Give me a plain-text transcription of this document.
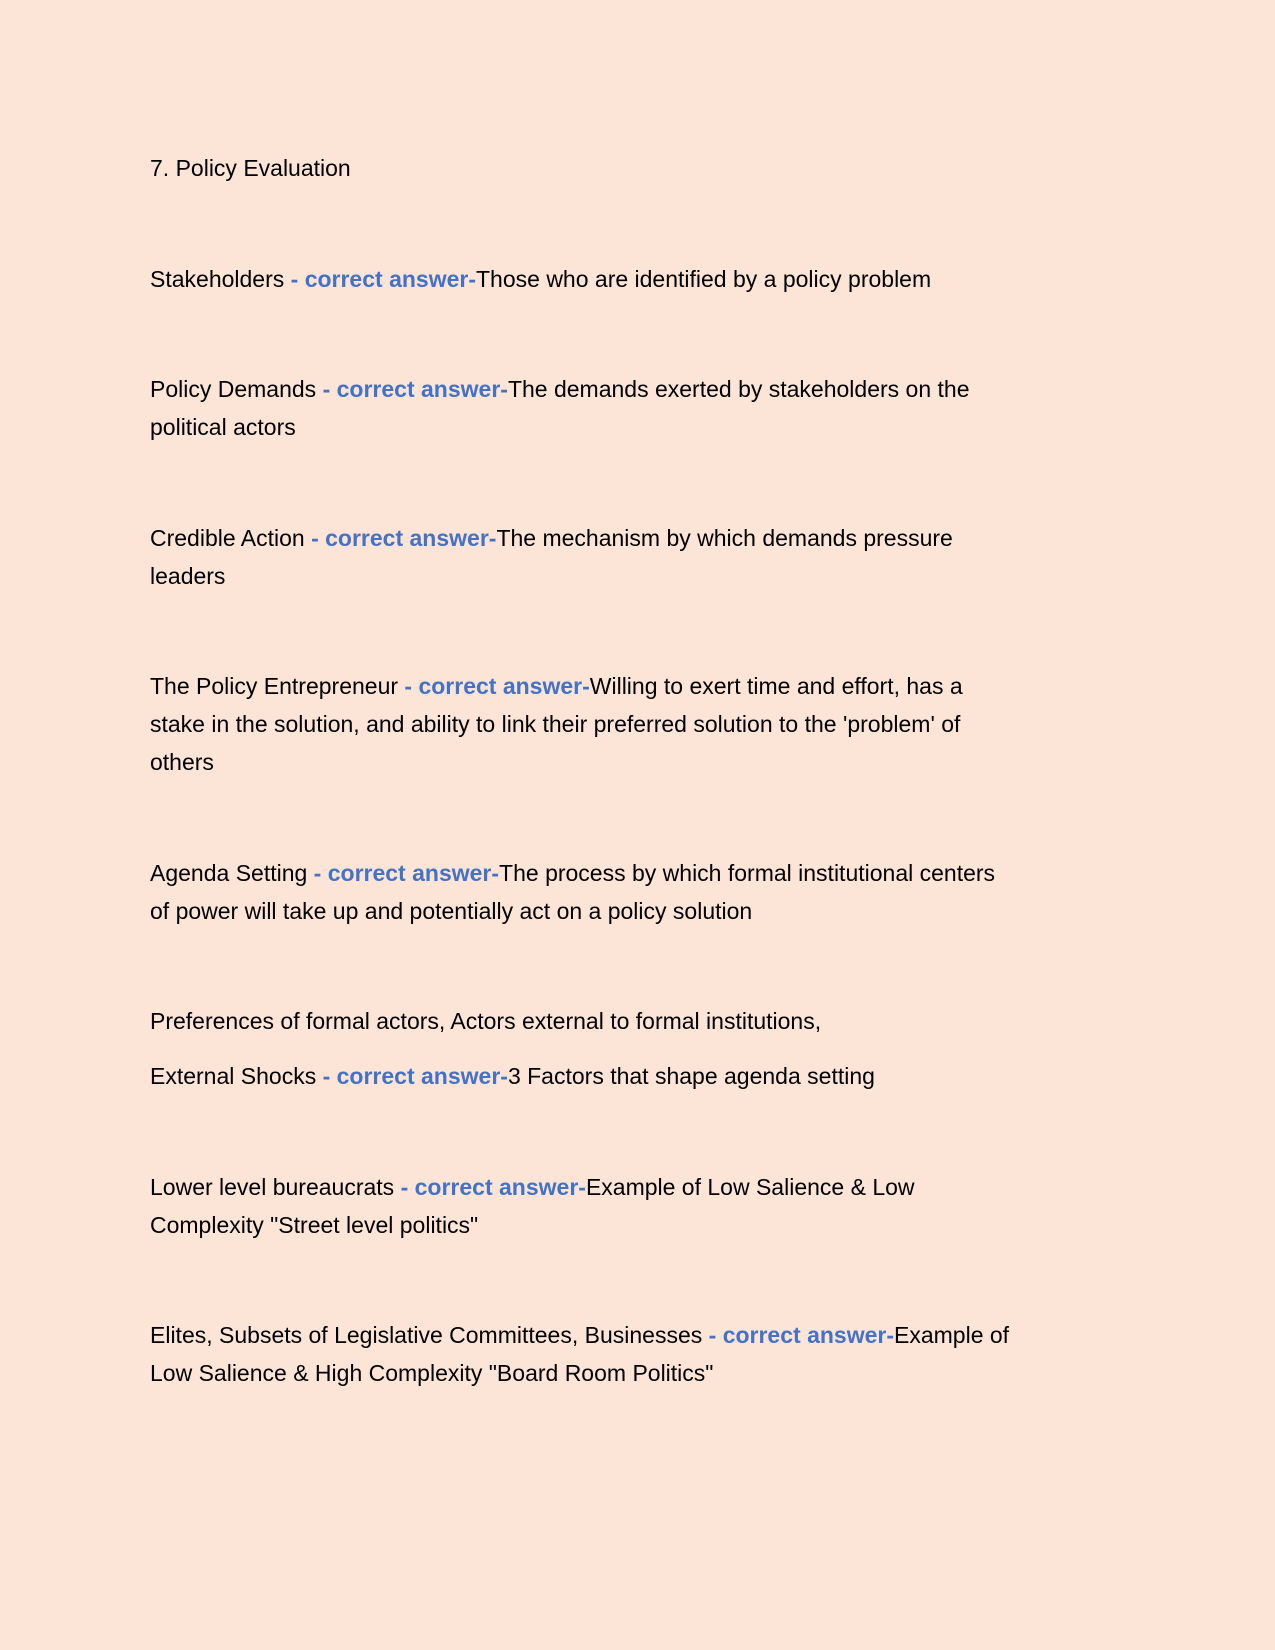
7. Policy Evaluation
Stakeholders - correct answer-Those who are identified by a policy problem
Policy Demands - correct answer-The demands exerted by stakeholders on the
political actors
Credible Action - correct answer-The mechanism by which demands pressure
leaders
The Policy Entrepreneur - correct answer-Willing to exert time and effort, has a
stake in the solution, and ability to link their preferred solution to the 'problem' of
others
Agenda Setting - correct answer-The process by which formal institutional centers
of power will take up and potentially act on a policy solution
Preferences of formal actors, Actors external to formal institutions,
External Shocks - correct answer-3 Factors that shape agenda setting
Lower level bureaucrats - correct answer-Example of Low Salience & Low
Complexity "Street level politics"
Elites, Subsets of Legislative Committees, Businesses - correct answer-Example of
Low Salience & High Complexity "Board Room Politics"
